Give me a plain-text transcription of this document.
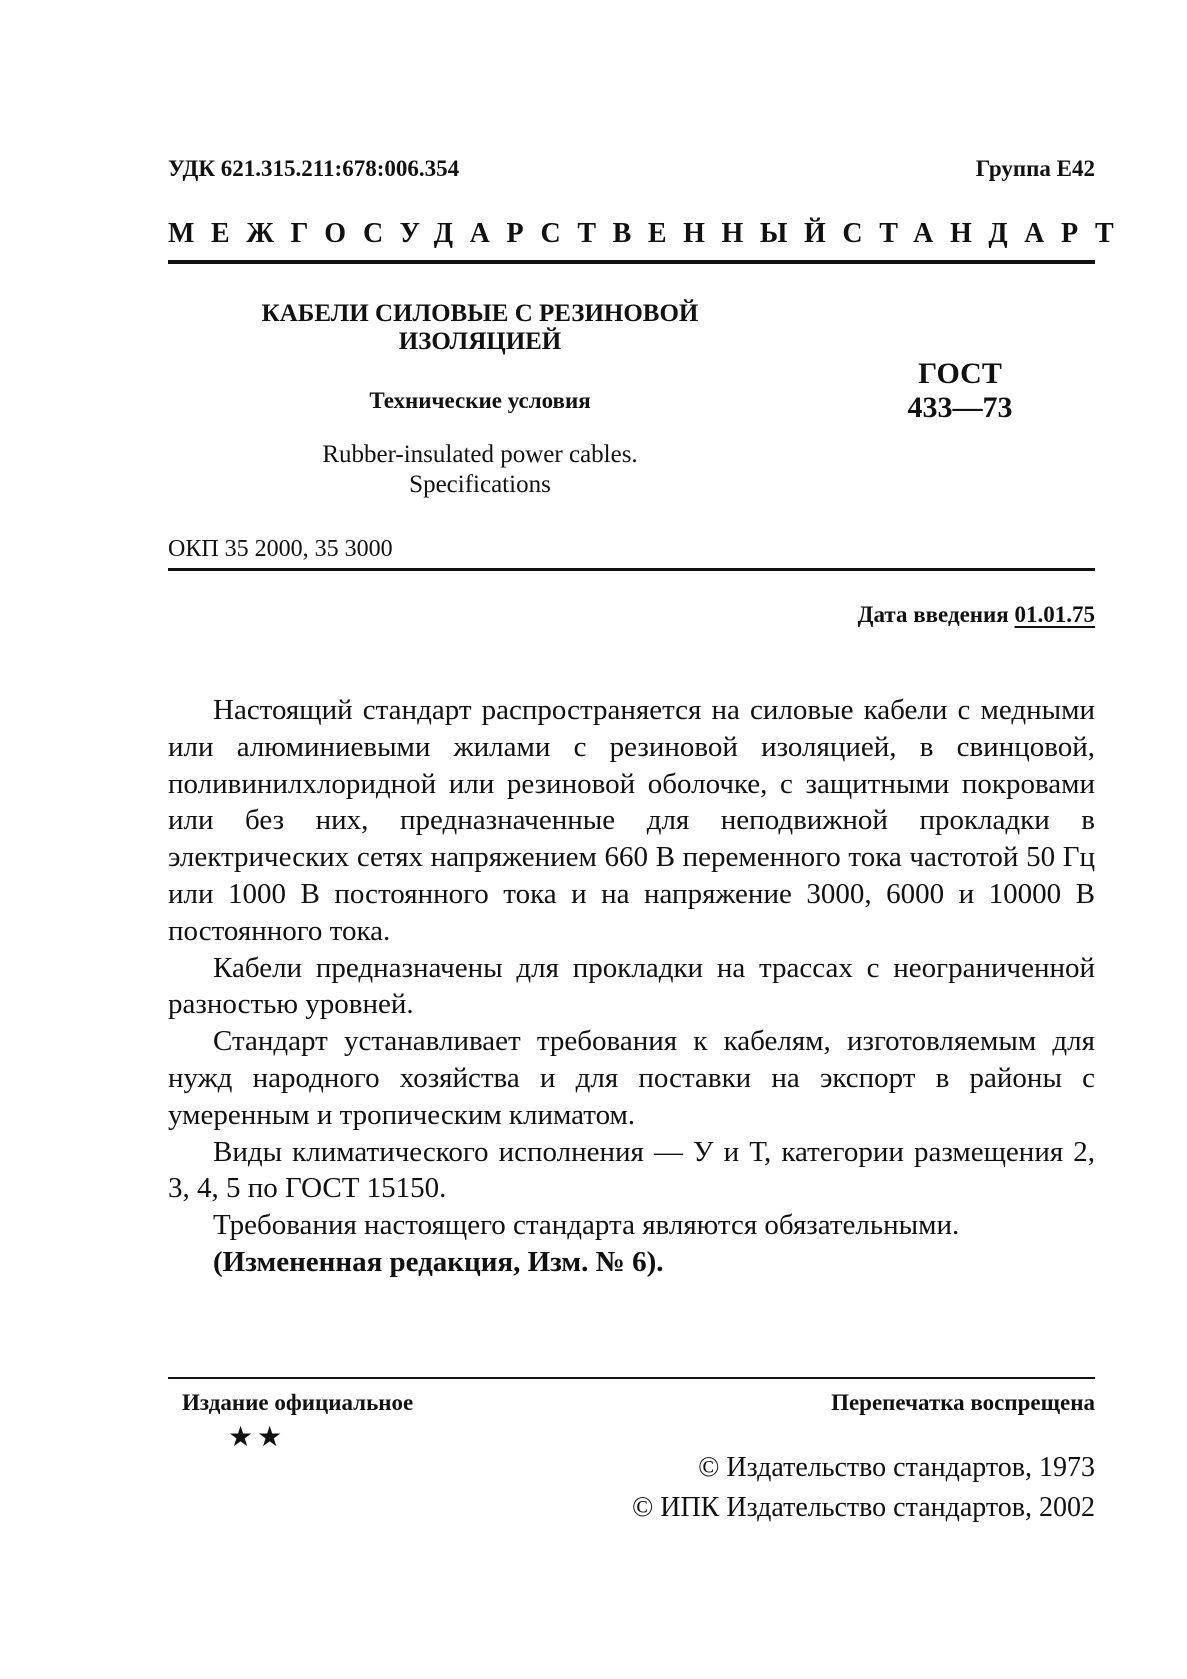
УДК 621.315.211:678:006.354	Группа Е42
МЕЖГОСУДАРСТВЕННЫЙ СТАНДАРТ
КАБЕЛИ СИЛОВЫЕ С РЕЗИНОВОЙ
ИЗОЛЯЦИЕЙ
Технические условия
Rubber-insulated power cables.
Specifications
ГОСТ
433—73
ОКП 35 2000, 35 3000
Дата введения 01.01.75

Настоящий стандарт распространяется на силовые кабели с медными или алюминиевыми жилами с резиновой изоляцией, в свинцовой, поливинилхлоридной или резиновой оболочке, с защитными покровами или без них, предназначенные для неподвижной прокладки в электрических сетях напряжением 660 В переменного тока частотой 50 Гц или 1000 В постоянного тока и на напряжение 3000, 6000 и 10000 В постоянного тока.

Кабели предназначены для прокладки на трассах с неограниченной разностью уровней.

Стандарт устанавливает требования к кабелям, изготовляемым для нужд народного хозяйства и для поставки на экспорт в районы с умеренным и тропическим климатом.

Виды климатического исполнения — У и Т, категории размещения 2, 3, 4, 5 по ГОСТ 15150.

Требования настоящего стандарта являются обязательными.

(Измененная редакция, Изм. № 6).

Издание официальное
★★
Перепечатка воспрещена
© Издательство стандартов, 1973
© ИПК Издательство стандартов, 2002
